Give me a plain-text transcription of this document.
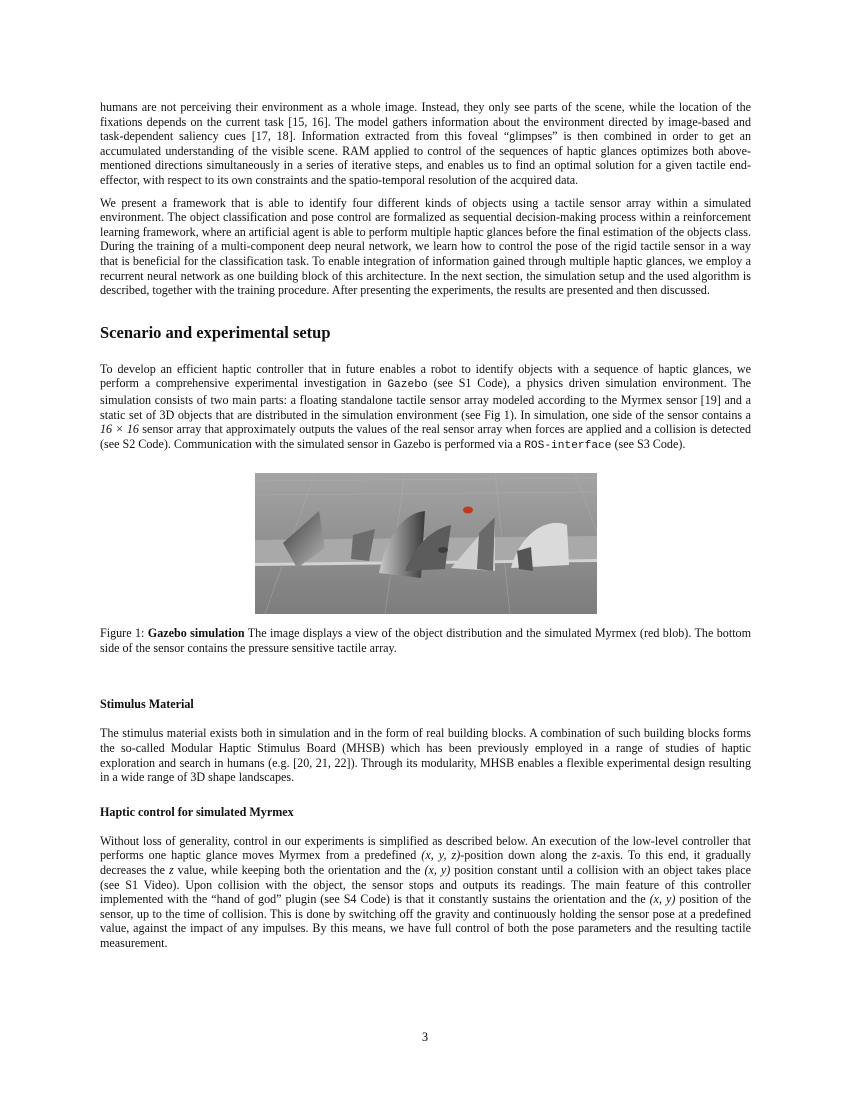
humans are not perceiving their environment as a whole image. Instead, they only see parts of the scene, while the location of the fixations depends on the current task [15, 16]. The model gathers information about the environment directed by image-based and task-dependent saliency cues [17, 18]. Information extracted from this foveal “glimpses” is then combined in order to get an accumulated understanding of the visible scene. RAM applied to control of the sequences of haptic glances optimizes both above-mentioned directions simultaneously in a series of iterative steps, and enables us to find an optimal solution for a given tactile end-effector, with respect to its own constraints and the spatio-temporal resolution of the acquired data.

We present a framework that is able to identify four different kinds of objects using a tactile sensor array within a simulated environment. The object classification and pose control are formalized as sequential decision-making process within a reinforcement learning framework, where an artificial agent is able to perform multiple haptic glances before the final estimation of the objects class. During the training of a multi-component deep neural network, we learn how to control the pose of the rigid tactile sensor in a way that is beneficial for the classification task. To enable integration of information gained through multiple haptic glances, we employ a recurrent neural network as one building block of this architecture. In the next section, the simulation setup and the used algorithm is described, together with the training procedure. After presenting the experiments, the results are presented and then discussed.

Scenario and experimental setup

To develop an efficient haptic controller that in future enables a robot to identify objects with a sequence of haptic glances, we perform a comprehensive experimental investigation in Gazebo (see S1 Code), a physics driven simulation environment. The simulation consists of two main parts: a floating standalone tactile sensor array modeled according to the Myrmex sensor [19] and a static set of 3D objects that are distributed in the simulation environment (see Fig 1). In simulation, one side of the sensor contains a 16 × 16 sensor array that approximately outputs the values of the real sensor array when forces are applied and a collision is detected (see S2 Code). Communication with the simulated sensor in Gazebo is performed via a ROS-interface (see S3 Code).

Figure 1: Gazebo simulation The image displays a view of the object distribution and the simulated Myrmex (red blob). The bottom side of the sensor contains the pressure sensitive tactile array.

Stimulus Material

The stimulus material exists both in simulation and in the form of real building blocks. A combination of such building blocks forms the so-called Modular Haptic Stimulus Board (MHSB) which has been previously employed in a range of studies of haptic exploration and search in humans (e.g. [20, 21, 22]). Through its modularity, MHSB enables a flexible experimental design resulting in a wide range of 3D shape landscapes.

Haptic control for simulated Myrmex

Without loss of generality, control in our experiments is simplified as described below. An execution of the low-level controller that performs one haptic glance moves Myrmex from a predefined (x, y, z)-position down along the z-axis. To this end, it gradually decreases the z value, while keeping both the orientation and the (x, y) position constant until a collision with an object takes place (see S1 Video). Upon collision with the object, the sensor stops and outputs its readings. The main feature of this controller implemented with the “hand of god” plugin (see S4 Code) is that it constantly sustains the orientation and the (x, y) position of the sensor, up to the time of collision. This is done by switching off the gravity and continuously holding the sensor pose at a predefined value, against the impact of any impulses. By this means, we have full control of both the pose parameters and the resulting tactile measurement.

3
